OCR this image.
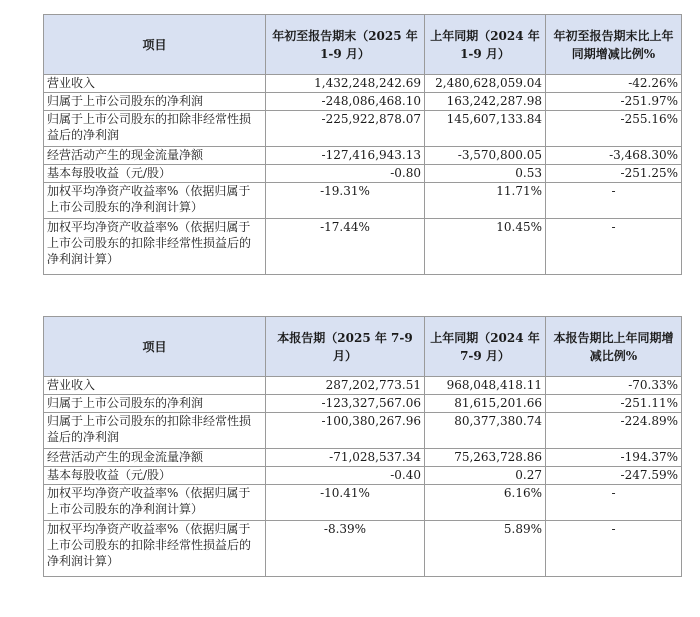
项目	年初至报告期末（2025 年 1-9 月）	上年同期（2024 年 1-9 月）	年初至报告期末比上年同期增减比例%
营业收入	1,432,248,242.69	2,480,628,059.04	-42.26%
归属于上市公司股东的净利润	-248,086,468.10	163,242,287.98	-251.97%
归属于上市公司股东的扣除非经常性损益后的净利润	-225,922,878.07	145,607,133.84	-255.16%
经营活动产生的现金流量净额	-127,416,943.13	-3,570,800.05	-3,468.30%
基本每股收益（元/股）	-0.80	0.53	-251.25%
加权平均净资产收益率%（依据归属于上市公司股东的净利润计算）	-19.31%	11.71%	-
加权平均净资产收益率%（依据归属于上市公司股东的扣除非经常性损益后的净利润计算）	-17.44%	10.45%	-
项目	本报告期（2025 年 7-9 月）	上年同期（2024 年 7-9 月）	本报告期比上年同期增减比例%
营业收入	287,202,773.51	968,048,418.11	-70.33%
归属于上市公司股东的净利润	-123,327,567.06	81,615,201.66	-251.11%
归属于上市公司股东的扣除非经常性损益后的净利润	-100,380,267.96	80,377,380.74	-224.89%
经营活动产生的现金流量净额	-71,028,537.34	75,263,728.86	-194.37%
基本每股收益（元/股）	-0.40	0.27	-247.59%
加权平均净资产收益率%（依据归属于上市公司股东的净利润计算）	-10.41%	6.16%	-
加权平均净资产收益率%（依据归属于上市公司股东的扣除非经常性损益后的净利润计算）	-8.39%	5.89%	-
